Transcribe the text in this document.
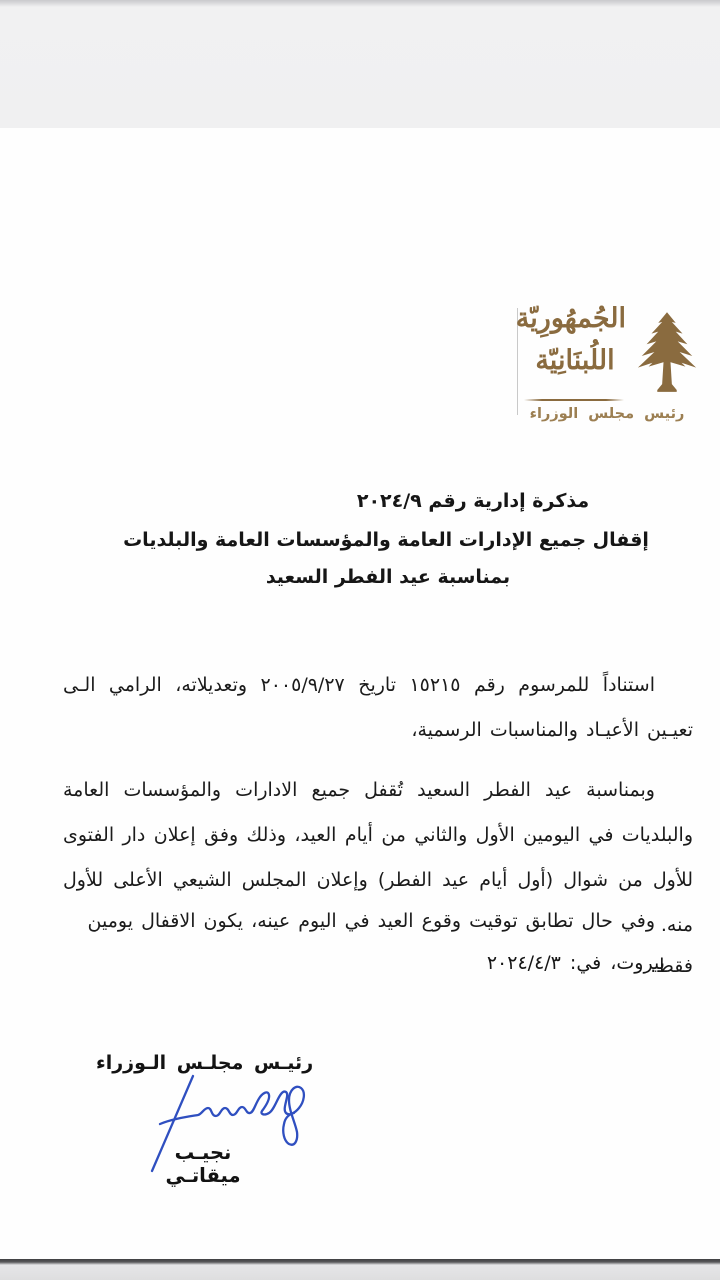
الجُمهُورِيّة
اللُبنَانِيّة
رئيس مجلس الوزراء
مذكرة إدارية رقم ٢٠٢٤/٩
إقفال جميع الإدارات العامة والمؤسسات العامة والبلديات
بمناسبة عيد الفطر السعيد
استناداً للمرسوم رقم ١٥٢١٥ تاريخ ٢٠٠٥/٩/٢٧ وتعديلاته، الرامي الـى تعيـين الأعيـاد والمناسبات الرسمية،
وبمناسبة عيد الفطر السعيد تُقفل جميع الادارات والمؤسسات العامة والبلديات في اليومين الأول والثاني من أيام العيد، وذلك وفق إعلان دار الفتوى للأول من شوال (أول أيام عيد الفطر) وإعلان المجلس الشيعي الأعلى للأول منه.
وفي حال تطابق توقيت وقوع العيد في اليوم عينه، يكون الاقفال يومين فقط.
بيروت، في: ٢٠٢٤/٤/٣
رئيـس مجلـس الـوزراء
نجيـب ميقاتـي
